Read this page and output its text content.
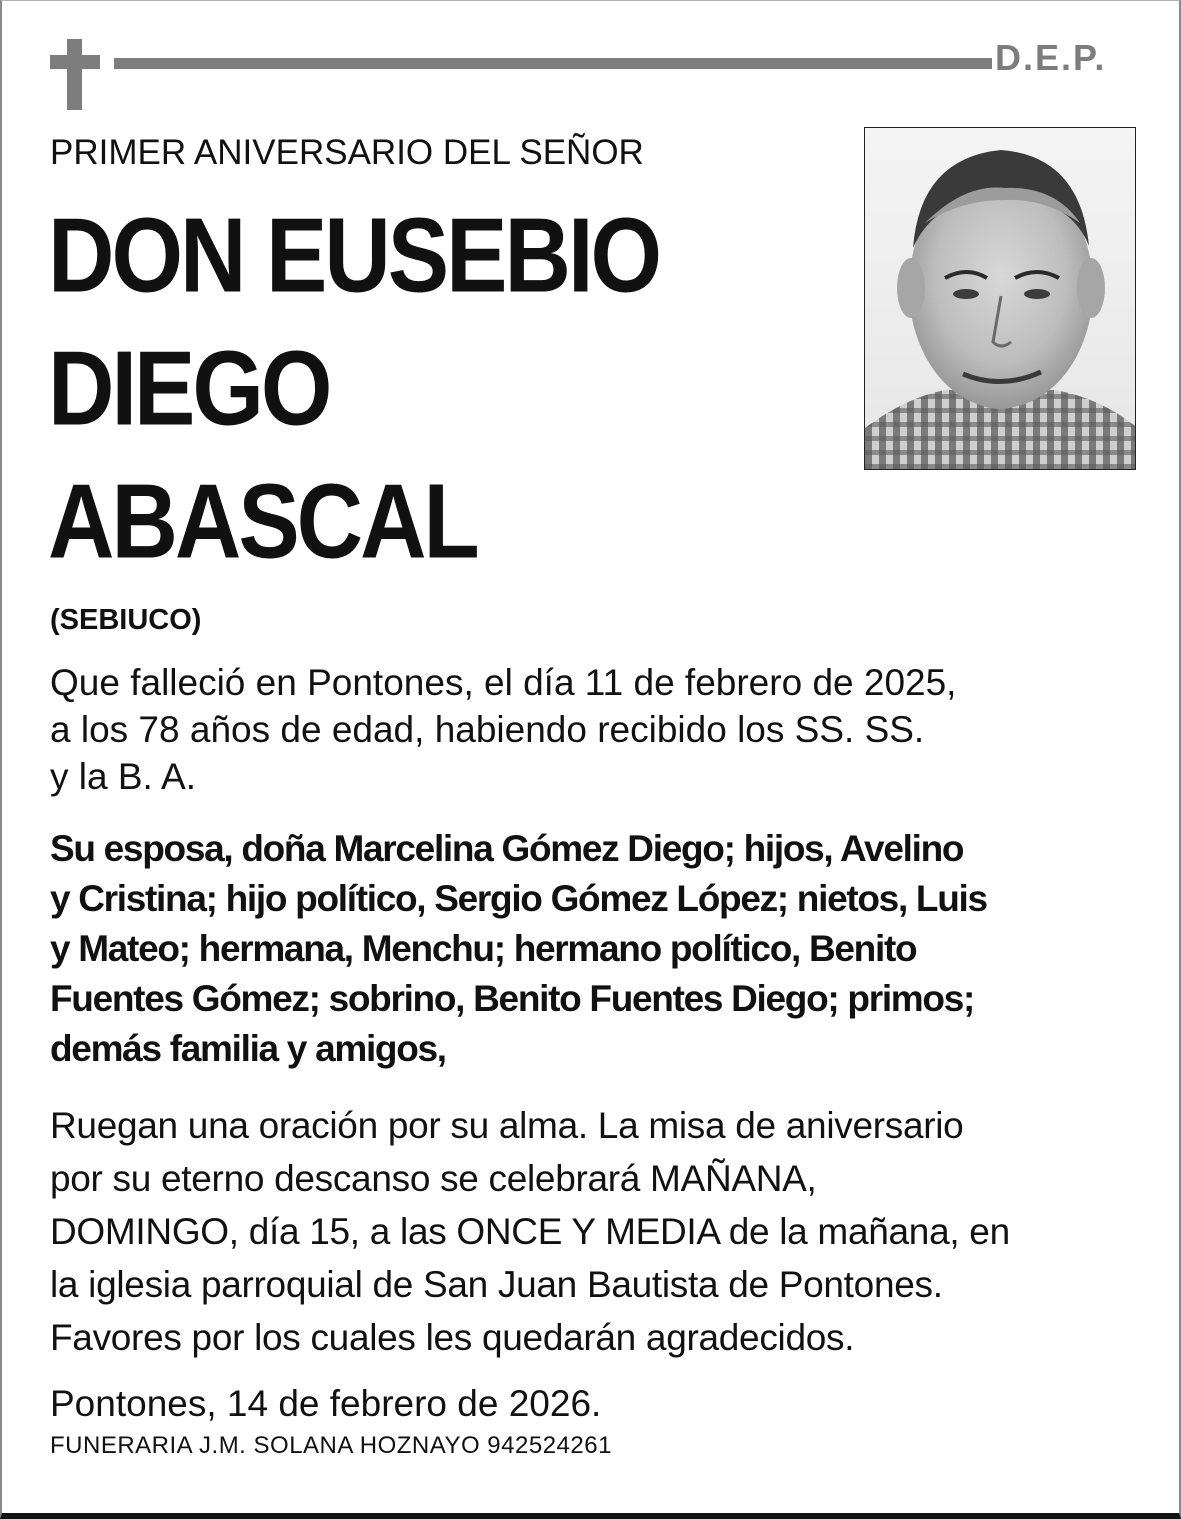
D.E.P.
PRIMER ANIVERSARIO DEL SEÑOR
DON EUSEBIO
DIEGO
ABASCAL
(SEBIUCO)
Que falleció en Pontones, el día 11 de febrero de 2025,
a los 78 años de edad, habiendo recibido los SS. SS.
y la B. A.
Su esposa, doña Marcelina Gómez Diego; hijos, Avelino
y Cristina; hijo político, Sergio Gómez López; nietos, Luis
y Mateo; hermana, Menchu; hermano político, Benito
Fuentes Gómez; sobrino, Benito Fuentes Diego; primos;
demás familia y amigos,
Ruegan una oración por su alma. La misa de aniversario
por su eterno descanso se celebrará MAÑANA,
DOMINGO, día 15, a las ONCE Y MEDIA de la mañana, en
la iglesia parroquial de San Juan Bautista de Pontones.
Favores por los cuales les quedarán agradecidos.
Pontones, 14 de febrero de 2026.
FUNERARIA J.M. SOLANA HOZNAYO 942524261
